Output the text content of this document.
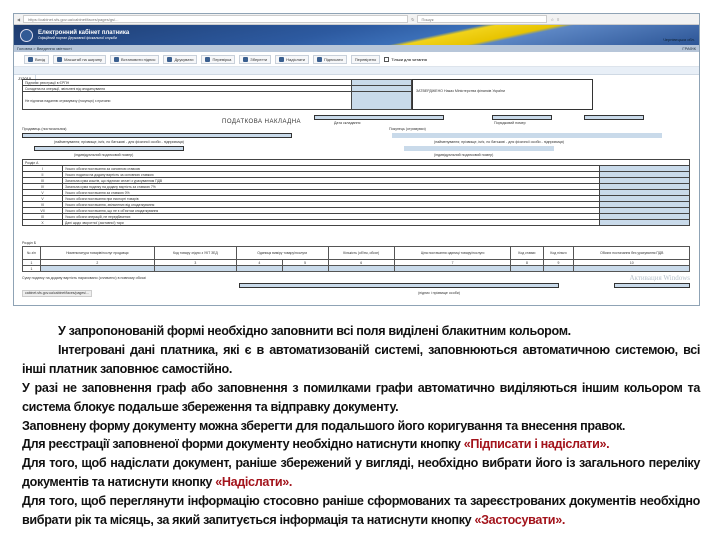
◀	https://cabinet.sfs.gov.ua/cabinet/faces/pages/gs/...	↻	Пошук	☆ ≡
Електронний кабінет платника
Офіційний портал Державної фіскальної служби	Чернівецька обл.
Головна > Введення звітності	ГРАФІК
Вихід	Масштаб на ширину	Встановити підпис	Друкувати	Перевірка	Зберегти	Надіслати	Підписати	Перевірено	Тільки для читання
J12010
Підлягає реєстрації в ЄРПН	
Складена на операції, звільнені від оподаткування	
Не підлягає наданню отримувачу (покупцю) з причини	
ЗАТВЕРДЖЕНО Наказ Міністерства фінансів України
ПОДАТКОВА НАКЛАДНА	Дата складання	Порядковий номер
Продавець (постачальник)	Покупець (отримувач)
(найменування; прізвище, ім'я, по батькові - для фізичної особи - підприємця)	(найменування; прізвище, ім'я, по батькові - для фізичної особи - підприємця)
(індивідуальний податковий номер)	(індивідуальний податковий номер)
Розділ А		
I	Усього обсяги постачання за основною ставкою	
II	Усього податок на додану вартість за основною ставкою	
III	Загальна сума коштів, що підлягає сплаті з урахуванням ПДВ	
IV	Загальна сума податку на додану вартість за ставкою 7%	
V	Усього обсяги постачання за ставкою 0%	
V	Усього обсяги постачання при експорті товарів	
VI	Усього обсяги постачання, звільнених від оподаткування	
VII	Усього обсяги постачання, що не є об'єктом оподаткування	
IX	Усього обсяги операцій, не передбачених	
X	Дані щодо зворотної (заставної) тари	
Розділ Б
№ з/п	Номенклатура товарів/послуг продавця	Код товару згідно з УКТ ЗЕД	Одиниця виміру товару/послуги		Кількість (об'єм, обсяг)	Ціна постачання одиниці товару/послуги	Код ставки	Код пільги	Обсяги постачання без урахування ПДВ
1	2	3	4	5	6	7	8	9	10
1									
Суму податку на додану вартість нараховано (сплачено) в повному обсязі	Активация Windows
cabinet.sfs.gov.ua/cabinet/faces/pages/...	(підпис і прізвище особи)

У запропонованій формі необхідно заповнити всі поля виділені блакитним кольором.

Інтегровані дані платника, які є в автоматизованій системі, заповнюються автоматичною системою, всі інші платник заповнює самостійно.

У разі не заповнення граф або заповнення з помилками графи автоматично виділяються іншим кольором та система блокує подальше збереження та відправку документу.

Заповнену форму документу можна зберегти для подальшого його коригування та внесення правок.

Для реєстрації заповненої форми документу необхідно натиснути кнопку «Підписати і надіслати».

Для того, щоб надіслати документ, раніше збережений у вигляді, необхідно вибрати його із загального переліку документів та натиснути кнопку «Надіслати».

Для того, щоб переглянути інформацію стосовно раніше сформованих та зареєстрованих документів необхідно вибрати рік та місяць, за який запитується інформація та натиснути кнопку «Застосувати».
